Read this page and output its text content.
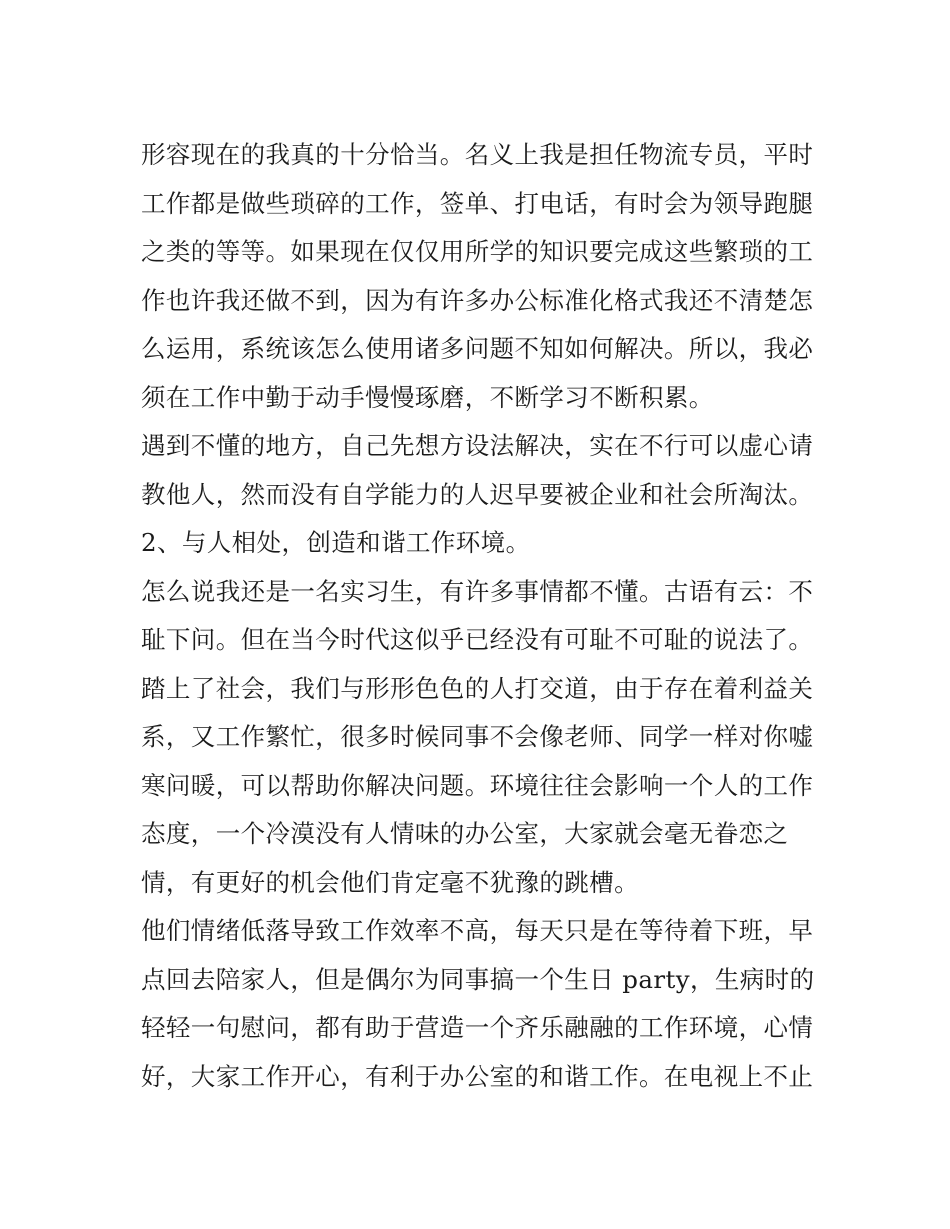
形容现在的我真的十分恰当。名义上我是担任物流专员，平时
工作都是做些琐碎的工作，签单、打电话，有时会为领导跑腿
之类的等等。如果现在仅仅用所学的知识要完成这些繁琐的工
作也许我还做不到，因为有许多办公标准化格式我还不清楚怎
么运用，系统该怎么使用诸多问题不知如何解决。所以，我必
须在工作中勤于动手慢慢琢磨，不断学习不断积累。
遇到不懂的地方，自己先想方设法解决，实在不行可以虚心请
教他人，然而没有自学能力的人迟早要被企业和社会所淘汰。
2、与人相处，创造和谐工作环境。
怎么说我还是一名实习生，有许多事情都不懂。古语有云：不
耻下问。但在当今时代这似乎已经没有可耻不可耻的说法了。
踏上了社会，我们与形形色色的人打交道，由于存在着利益关
系，又工作繁忙，很多时候同事不会像老师、同学一样对你嘘
寒问暖，可以帮助你解决问题。环境往往会影响一个人的工作
态度，一个冷漠没有人情味的办公室，大家就会毫无眷恋之
情，有更好的机会他们肯定毫不犹豫的跳槽。
他们情绪低落导致工作效率不高，每天只是在等待着下班，早
点回去陪家人，但是偶尔为同事搞一个生日 party，生病时的
轻轻一句慰问，都有助于营造一个齐乐融融的工作环境，心情
好，大家工作开心，有利于办公室的和谐工作。在电视上不止
